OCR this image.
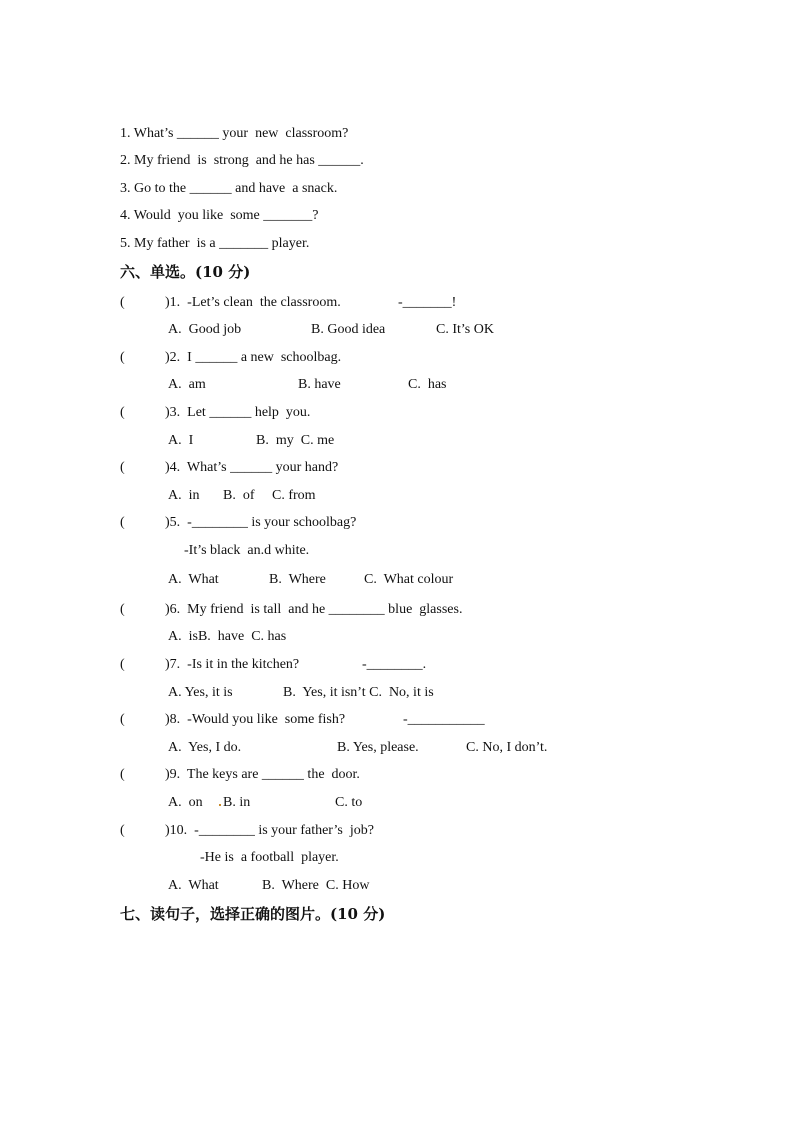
1. What’s ______ your  new  classroom?
2. My friend  is  strong  and he has ______.
3. Go to the ______ and have  a snack.
4. Would  you like  some _______?
5. My father  is a _______ player.
六、单选。(10 分)
(	)1.  -Let’s clean  the classroom.	-_______!
A.  Good job	B. Good idea	C. It’s OK
(	)2.  I ______ a new  schoolbag.
A.  am	B. have	C.  has
(	)3.  Let ______ help  you.
A.  I	B.  my  C. me
(	)4.  What’s ______ your hand?
A.  in B.  of C. from
(	)5.  -________ is your schoolbag?
-It’s black  an.d white.
A.  What	B.  Where	C.  What colour
(	)6.  My friend  is tall  and he ________ blue  glasses.
A.  isB.  have  C. has
(	)7.  -Is it in the kitchen?	-________.
A. Yes, it is	B.  Yes, it isn’t C.  No, it is
(	)8.  -Would you like  some fish?	-___________
A.  Yes, I do.	B. Yes, please.	C. No, I don’t.
(	)9.  The keys are ______ the  door.
A.  on B. in	C. to
(	)10.  -________ is your father’s  job?
-He is  a football  player.
A.  What	B.  Where  C. How
七、读句子，选择正确的图片。(10 分)
